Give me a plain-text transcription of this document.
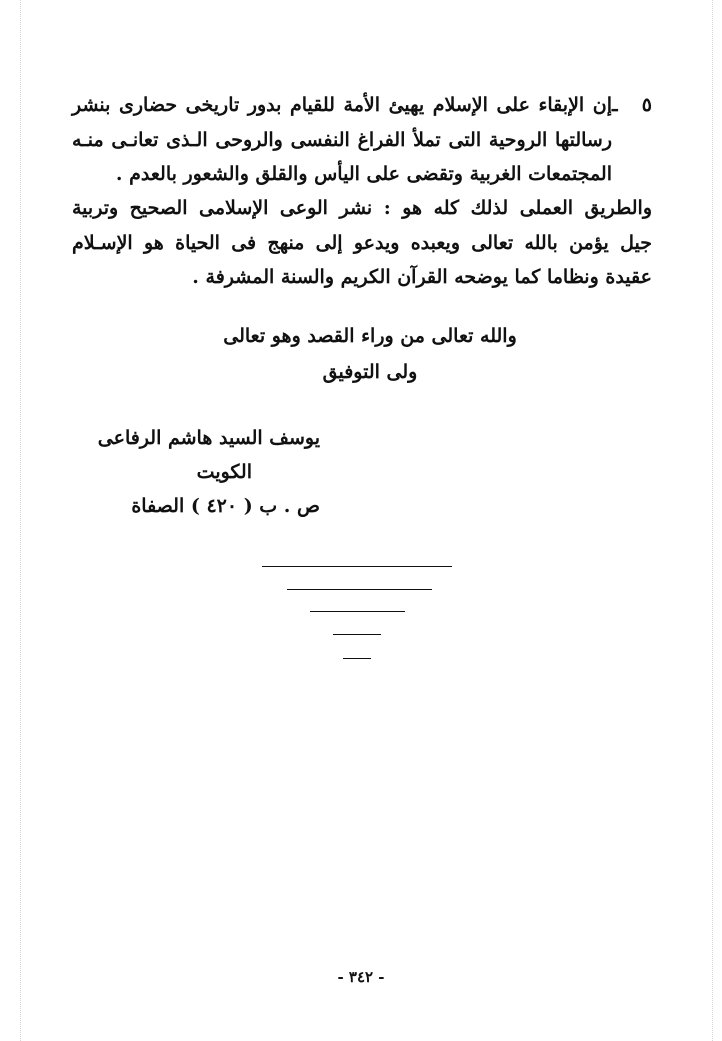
٥ ـإن الإبقاء على الإسلام يهيئ الأمة للقيام بدور تاريخى حضارى بنشر
رسالتها الروحية التى تملأ الفراغ النفسى والروحى الـذى تعانـى منـه
المجتمعات الغربية وتقضى على اليأس والقلق والشعور بالعدم .
والطريق العملى لذلك كله هو : نشر الوعى الإسلامى الصحيح وتربية
جيل يؤمن بالله تعالى ويعبده ويدعو إلى منهج فى الحياة هو الإسـلام
عقيدة ونظاما كما يوضحه القرآن الكريم والسنة المشرفة .
والله تعالى من وراء القصد وهو تعالى
ولى التوفيق
يوسف السيد هاشم الرفاعى
الكويت
ص . ب ( ٤٢٠ ) الصفاة
- ٣٤٢ -
